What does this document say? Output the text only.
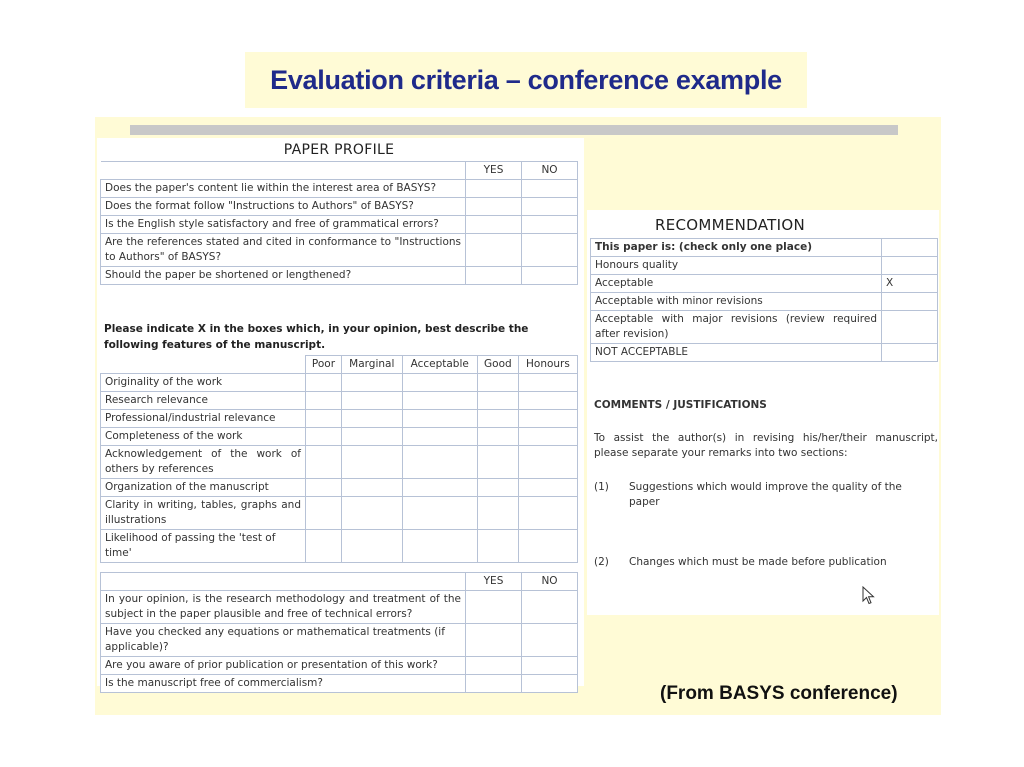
Evaluation criteria – conference example
PAPER PROFILE
	YES	NO
Does the paper's content lie within the interest area of BASYS?		
Does the format follow "Instructions to Authors" of BASYS?		
Is the English style satisfactory and free of grammatical errors?		
Are the references stated and cited in conformance to "Instructions to Authors" of BASYS?		
Should the paper be shortened or lengthened?		
Please indicate X in the boxes which, in your opinion, best describe the following features of the manuscript.
	Poor	Marginal	Acceptable	Good	Honours
Originality of the work					
Research relevance					
Professional/industrial relevance					
Completeness of the work					
Acknowledgement of the work of others by references					
Organization of the manuscript					
Clarity in writing, tables, graphs and illustrations					
Likelihood of passing the 'test of time'					
	YES	NO
In your opinion, is the research methodology and treatment of the subject in the paper plausible and free of technical errors?		
Have you checked any equations or mathematical treatments (if applicable)?		
Are you aware of prior publication or presentation of this work?		
Is the manuscript free of commercialism?		
RECOMMENDATION
This paper is: (check only one place)	
Honours quality	
Acceptable	X
Acceptable with minor revisions	
Acceptable with major revisions (review required after revision)	
NOT ACCEPTABLE	
COMMENTS / JUSTIFICATIONS
To assist the author(s) in revising his/her/their manuscript, please separate your remarks into two sections:
(1) Suggestions which would improve the quality of the paper
(2) Changes which must be made before publication
(From BASYS conference)
